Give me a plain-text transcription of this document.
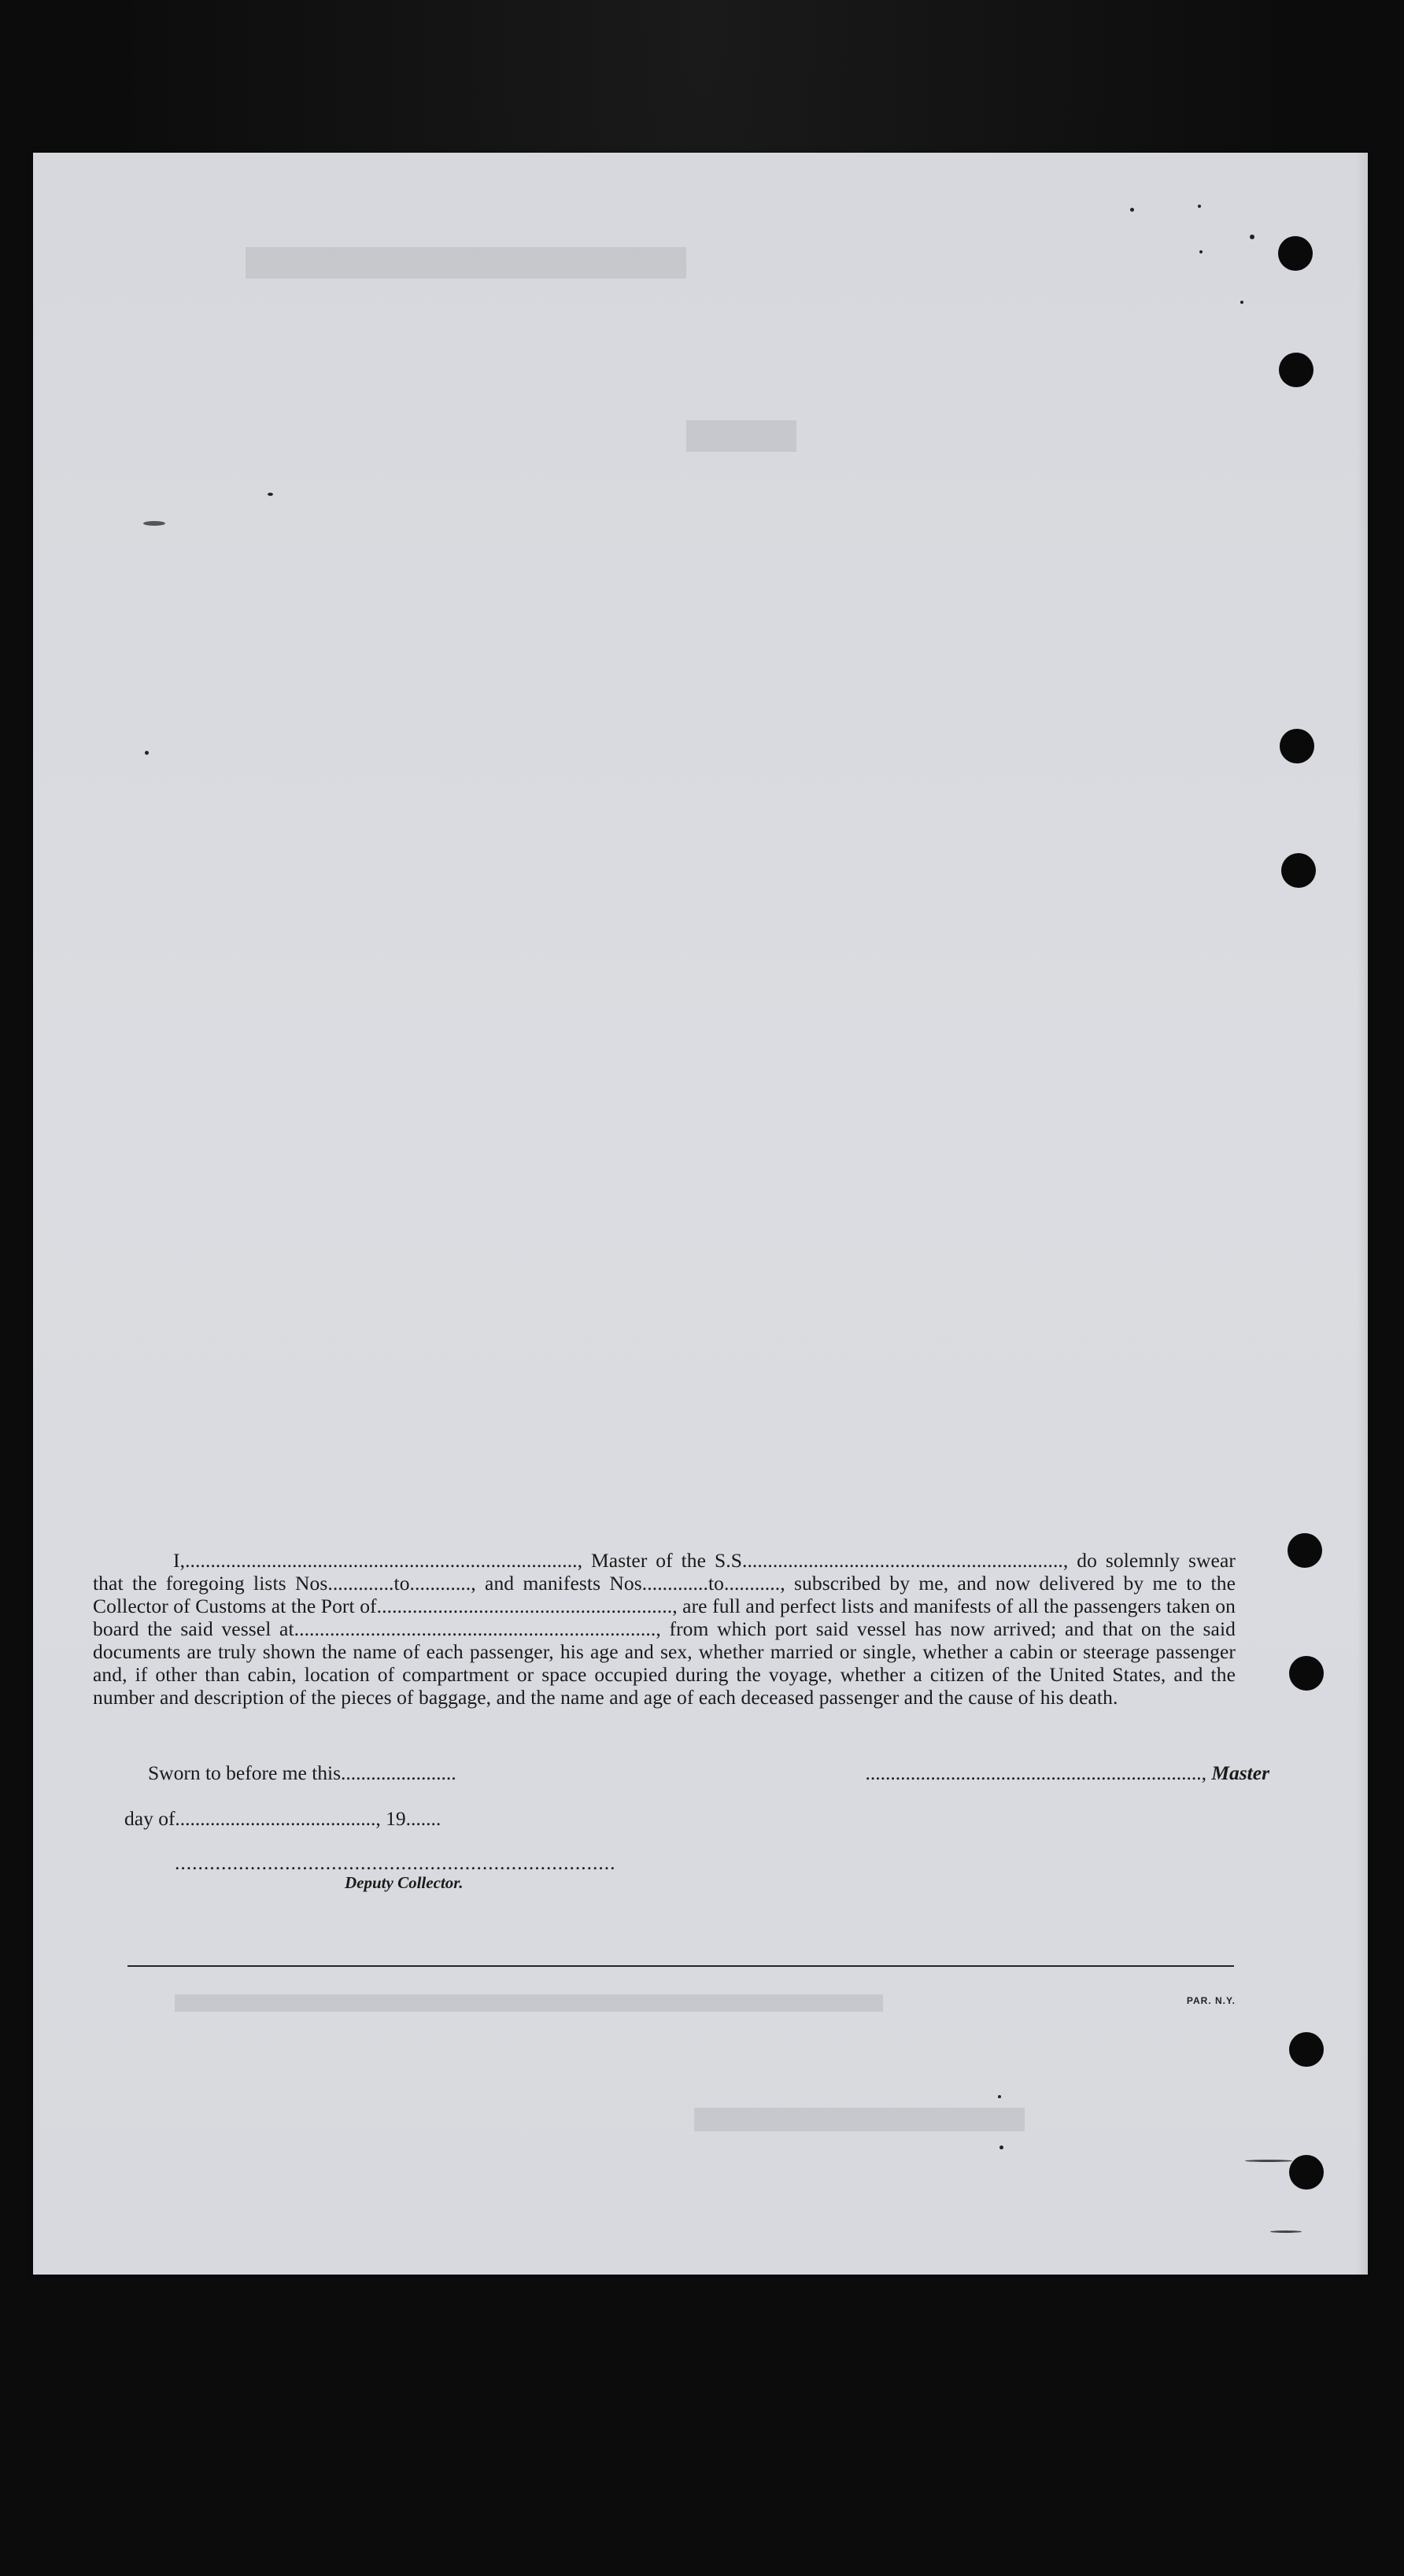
I,............................................................................., Master of the S.S..............................................................., do solemnly swear that the foregoing lists Nos.............to............, and manifests Nos.............to..........., subscribed by me, and now delivered by me to the Collector of Customs at the Port of.........................................................., are full and perfect lists and manifests of all the passengers taken on board the said vessel at......................................................................., from which port said vessel has now arrived; and that on the said documents are truly shown the name of each passenger, his age and sex, whether married or single, whether a cabin or steerage passenger and, if other than cabin, location of compartment or space occupied during the voyage, whether a citizen of the United States, and the number and description of the pieces of baggage, and the name and age of each deceased passenger and the cause of his death.
Sworn to before me this.......................	..................................................................., Master
day of........................................, 19.......
............................................................................
Deputy Collector.
PAR. N.Y.
